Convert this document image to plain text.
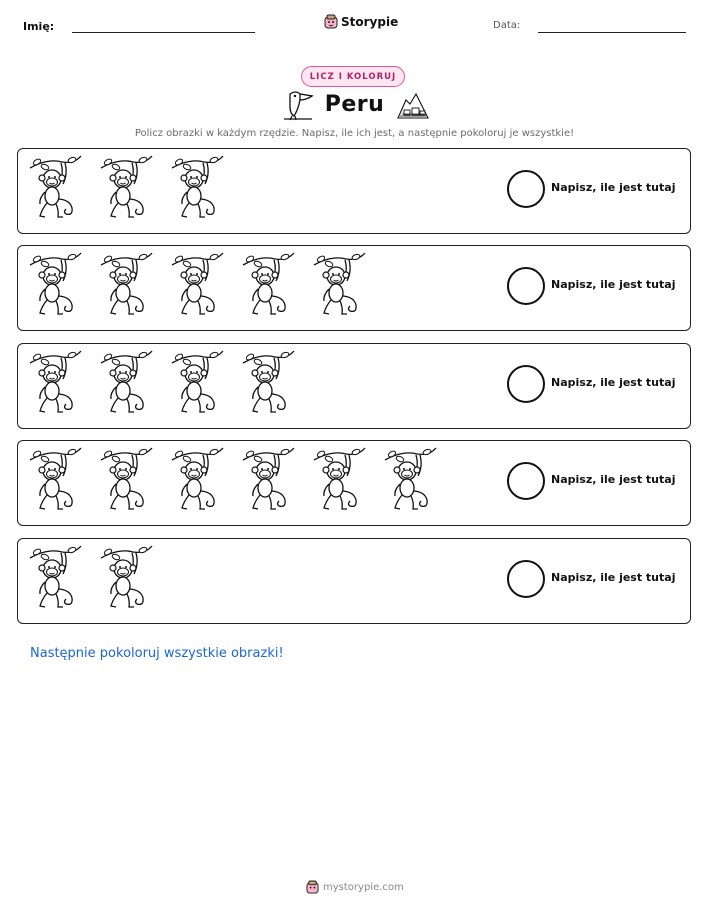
Imię:	Storypie	Data:
LICZ I KOLORUJ
Peru
Policz obrazki w każdym rzędzie. Napisz, ile ich jest, a następnie pokoloruj je wszystkie!
Napisz, ile jest tutaj
Napisz, ile jest tutaj
Napisz, ile jest tutaj
Napisz, ile jest tutaj
Napisz, ile jest tutaj
Następnie pokoloruj wszystkie obrazki!
mystorypie.com
